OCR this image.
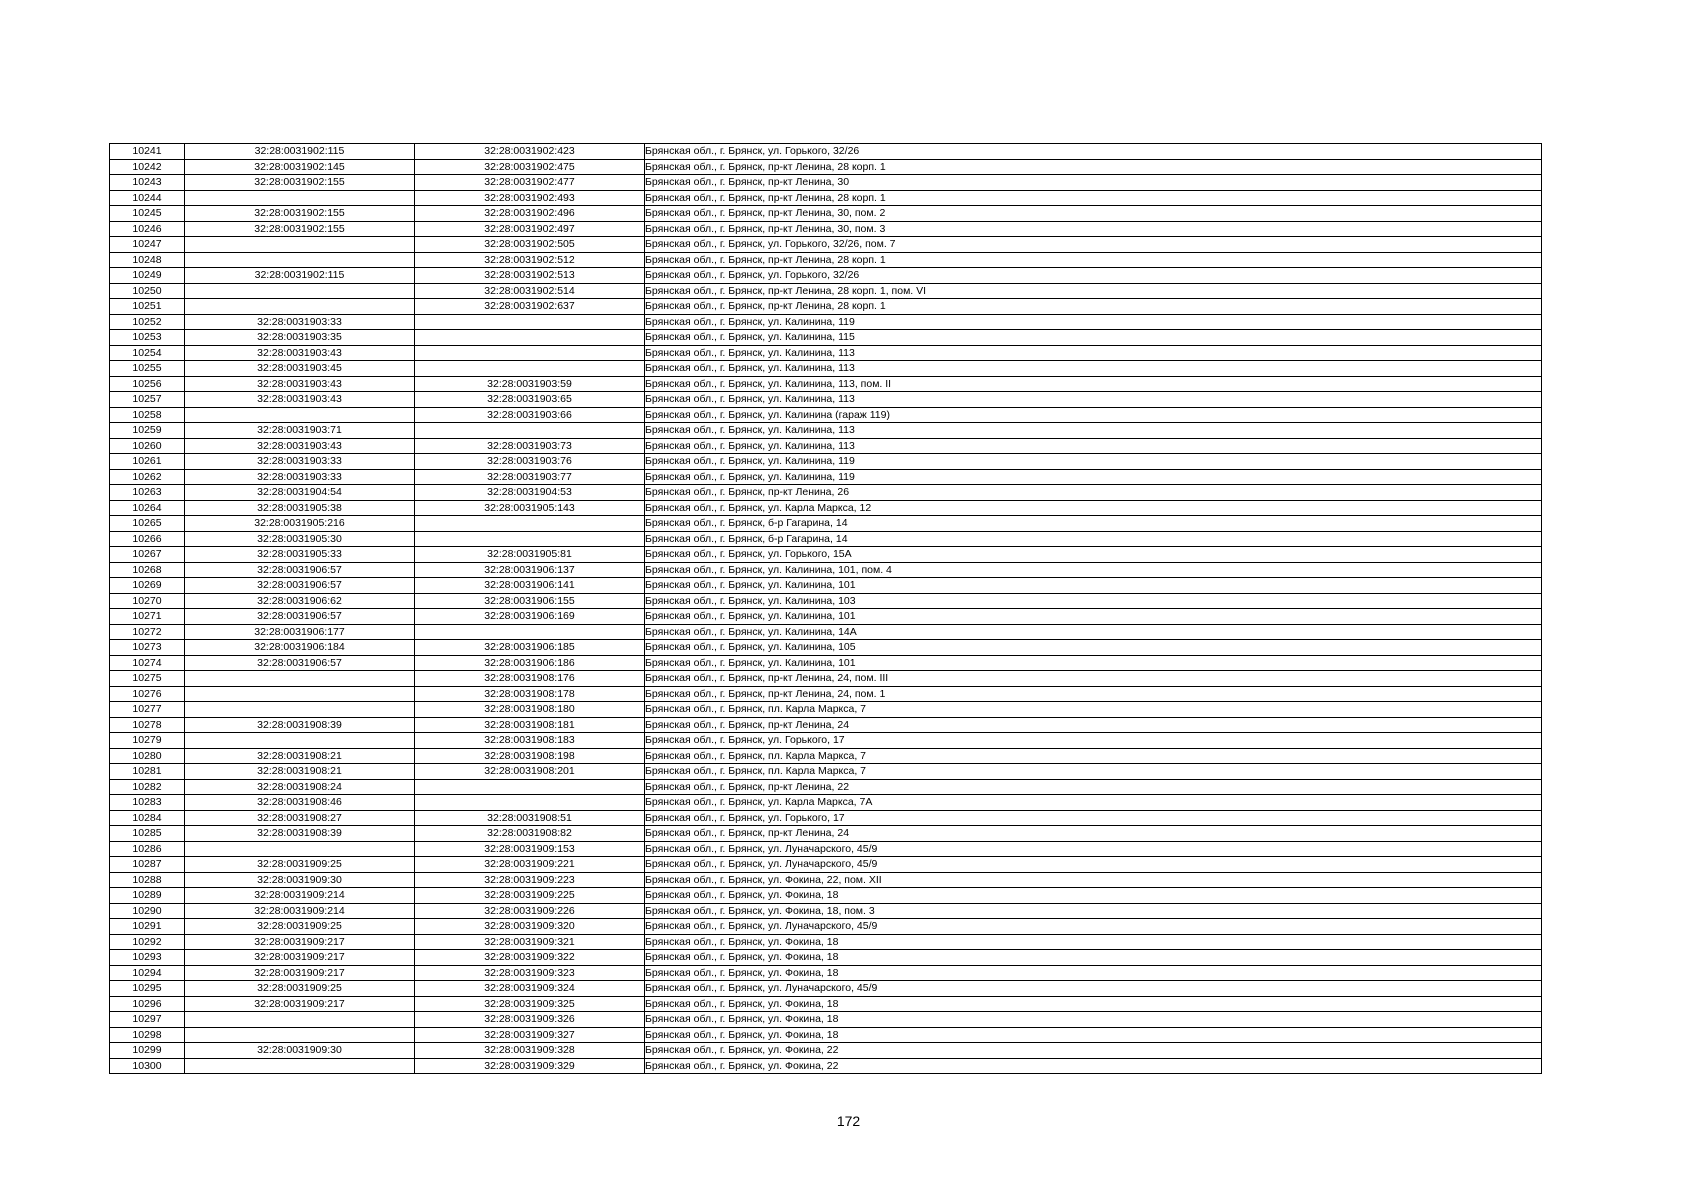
10241	32:28:0031902:115	32:28:0031902:423	Брянская обл., г. Брянск, ул. Горького, 32/26
10242	32:28:0031902:145	32:28:0031902:475	Брянская обл., г. Брянск, пр-кт Ленина, 28 корп. 1
10243	32:28:0031902:155	32:28:0031902:477	Брянская обл., г. Брянск, пр-кт Ленина, 30
10244		32:28:0031902:493	Брянская обл., г. Брянск, пр-кт Ленина, 28 корп. 1
10245	32:28:0031902:155	32:28:0031902:496	Брянская обл., г. Брянск, пр-кт Ленина, 30, пом. 2
10246	32:28:0031902:155	32:28:0031902:497	Брянская обл., г. Брянск, пр-кт Ленина, 30, пом. 3
10247		32:28:0031902:505	Брянская обл., г. Брянск, ул. Горького, 32/26, пом. 7
10248		32:28:0031902:512	Брянская обл., г. Брянск, пр-кт Ленина, 28 корп. 1
10249	32:28:0031902:115	32:28:0031902:513	Брянская обл., г. Брянск, ул. Горького, 32/26
10250		32:28:0031902:514	Брянская обл., г. Брянск, пр-кт Ленина, 28 корп. 1, пом. VI
10251		32:28:0031902:637	Брянская обл., г. Брянск, пр-кт Ленина, 28 корп. 1
10252	32:28:0031903:33		Брянская обл., г. Брянск, ул. Калинина, 119
10253	32:28:0031903:35		Брянская обл., г. Брянск, ул. Калинина, 115
10254	32:28:0031903:43		Брянская обл., г. Брянск, ул. Калинина, 113
10255	32:28:0031903:45		Брянская обл., г. Брянск, ул. Калинина, 113
10256	32:28:0031903:43	32:28:0031903:59	Брянская обл., г. Брянск, ул. Калинина, 113, пом. II
10257	32:28:0031903:43	32:28:0031903:65	Брянская обл., г. Брянск, ул. Калинина, 113
10258		32:28:0031903:66	Брянская обл., г. Брянск, ул. Калинина (гараж 119)
10259	32:28:0031903:71		Брянская обл., г. Брянск, ул. Калинина, 113
10260	32:28:0031903:43	32:28:0031903:73	Брянская обл., г. Брянск, ул. Калинина, 113
10261	32:28:0031903:33	32:28:0031903:76	Брянская обл., г. Брянск, ул. Калинина, 119
10262	32:28:0031903:33	32:28:0031903:77	Брянская обл., г. Брянск, ул. Калинина, 119
10263	32:28:0031904:54	32:28:0031904:53	Брянская обл., г. Брянск, пр-кт Ленина, 26
10264	32:28:0031905:38	32:28:0031905:143	Брянская обл., г. Брянск, ул. Карла Маркса, 12
10265	32:28:0031905:216		Брянская обл., г. Брянск, б-р Гагарина, 14
10266	32:28:0031905:30		Брянская обл., г. Брянск, б-р Гагарина, 14
10267	32:28:0031905:33	32:28:0031905:81	Брянская обл., г. Брянск, ул. Горького, 15А
10268	32:28:0031906:57	32:28:0031906:137	Брянская обл., г. Брянск, ул. Калинина, 101, пом. 4
10269	32:28:0031906:57	32:28:0031906:141	Брянская обл., г. Брянск, ул. Калинина, 101
10270	32:28:0031906:62	32:28:0031906:155	Брянская обл., г. Брянск, ул. Калинина, 103
10271	32:28:0031906:57	32:28:0031906:169	Брянская обл., г. Брянск, ул. Калинина, 101
10272	32:28:0031906:177		Брянская обл., г. Брянск, ул. Калинина, 14А
10273	32:28:0031906:184	32:28:0031906:185	Брянская обл., г. Брянск, ул. Калинина, 105
10274	32:28:0031906:57	32:28:0031906:186	Брянская обл., г. Брянск, ул. Калинина, 101
10275		32:28:0031908:176	Брянская обл., г. Брянск, пр-кт Ленина, 24, пом. III
10276		32:28:0031908:178	Брянская обл., г. Брянск, пр-кт Ленина, 24, пом. 1
10277		32:28:0031908:180	Брянская обл., г. Брянск, пл. Карла Маркса, 7
10278	32:28:0031908:39	32:28:0031908:181	Брянская обл., г. Брянск, пр-кт Ленина, 24
10279		32:28:0031908:183	Брянская обл., г. Брянск, ул. Горького, 17
10280	32:28:0031908:21	32:28:0031908:198	Брянская обл., г. Брянск, пл. Карла Маркса, 7
10281	32:28:0031908:21	32:28:0031908:201	Брянская обл., г. Брянск, пл. Карла Маркса, 7
10282	32:28:0031908:24		Брянская обл., г. Брянск, пр-кт Ленина, 22
10283	32:28:0031908:46		Брянская обл., г. Брянск, ул. Карла Маркса, 7А
10284	32:28:0031908:27	32:28:0031908:51	Брянская обл., г. Брянск, ул. Горького, 17
10285	32:28:0031908:39	32:28:0031908:82	Брянская обл., г. Брянск, пр-кт Ленина, 24
10286		32:28:0031909:153	Брянская обл., г. Брянск, ул. Луначарского, 45/9
10287	32:28:0031909:25	32:28:0031909:221	Брянская обл., г. Брянск, ул. Луначарского, 45/9
10288	32:28:0031909:30	32:28:0031909:223	Брянская обл., г. Брянск, ул. Фокина, 22, пом. XII
10289	32:28:0031909:214	32:28:0031909:225	Брянская обл., г. Брянск, ул. Фокина, 18
10290	32:28:0031909:214	32:28:0031909:226	Брянская обл., г. Брянск, ул. Фокина, 18, пом. 3
10291	32:28:0031909:25	32:28:0031909:320	Брянская обл., г. Брянск, ул. Луначарского, 45/9
10292	32:28:0031909:217	32:28:0031909:321	Брянская обл., г. Брянск, ул. Фокина, 18
10293	32:28:0031909:217	32:28:0031909:322	Брянская обл., г. Брянск, ул. Фокина, 18
10294	32:28:0031909:217	32:28:0031909:323	Брянская обл., г. Брянск, ул. Фокина, 18
10295	32:28:0031909:25	32:28:0031909:324	Брянская обл., г. Брянск, ул. Луначарского, 45/9
10296	32:28:0031909:217	32:28:0031909:325	Брянская обл., г. Брянск, ул. Фокина, 18
10297		32:28:0031909:326	Брянская обл., г. Брянск, ул. Фокина, 18
10298		32:28:0031909:327	Брянская обл., г. Брянск, ул. Фокина, 18
10299	32:28:0031909:30	32:28:0031909:328	Брянская обл., г. Брянск, ул. Фокина, 22
10300		32:28:0031909:329	Брянская обл., г. Брянск, ул. Фокина, 22
172
